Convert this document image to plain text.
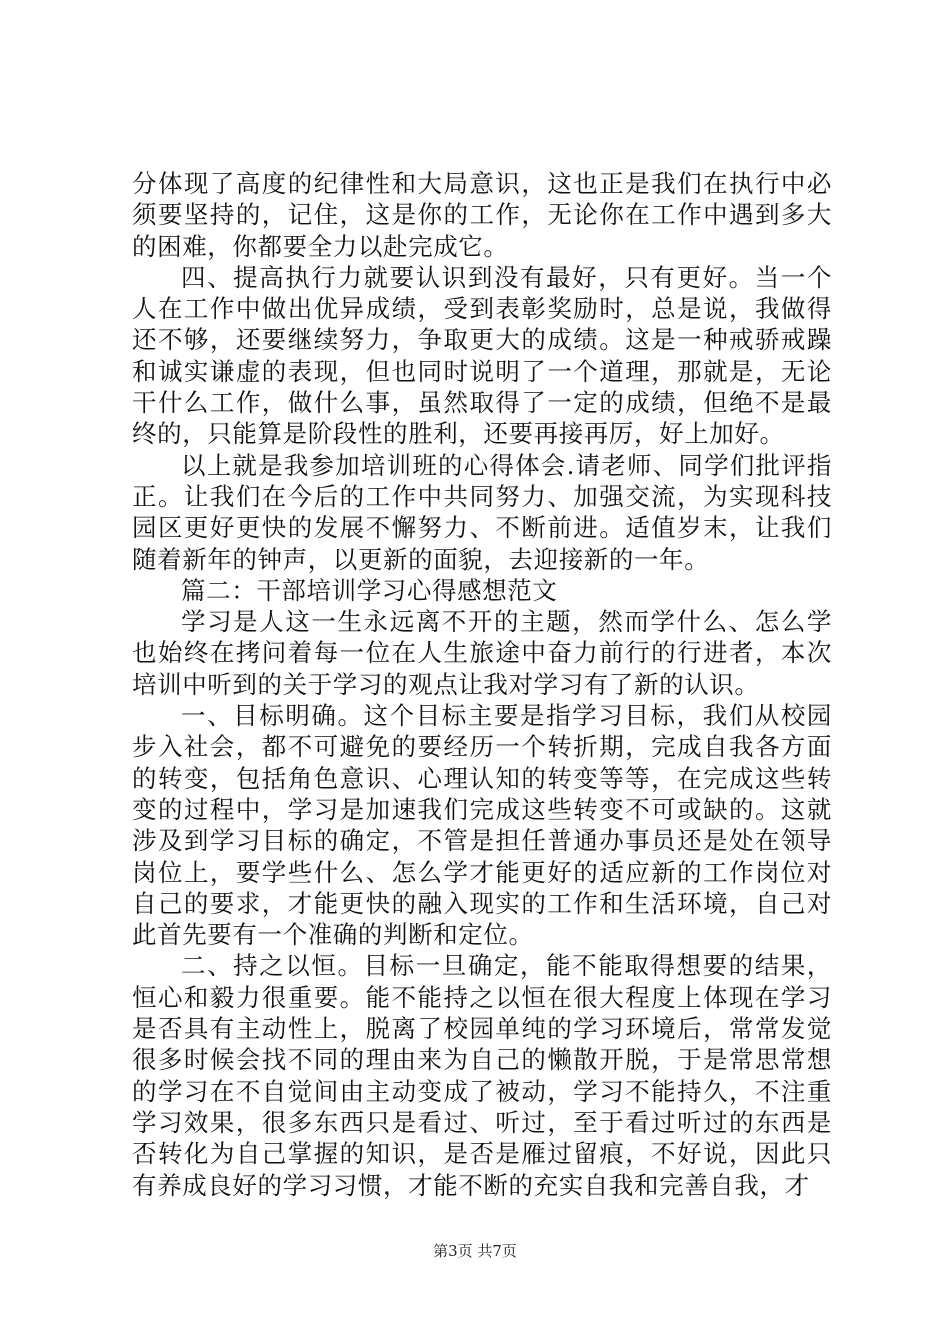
分体现了高度的纪律性和大局意识，这也正是我们在执行中必须要坚持的，记住，这是你的工作，无论你在工作中遇到多大的困难，你都要全力以赴完成它。

四、提高执行力就要认识到没有最好，只有更好。当一个人在工作中做出优异成绩，受到表彰奖励时，总是说，我做得还不够，还要继续努力，争取更大的成绩。这是一种戒骄戒躁和诚实谦虚的表现，但也同时说明了一个道理，那就是，无论干什么工作，做什么事，虽然取得了一定的成绩，但绝不是最终的，只能算是阶段性的胜利，还要再接再厉，好上加好。

以上就是我参加培训班的心得体会.请老师、同学们批评指正。让我们在今后的工作中共同努力、加强交流，为实现科技园区更好更快的发展不懈努力、不断前进。适值岁末，让我们随着新年的钟声，以更新的面貌，去迎接新的一年。

篇二：干部培训学习心得感想范文

学习是人这一生永远离不开的主题，然而学什么、怎么学也始终在拷问着每一位在人生旅途中奋力前行的行进者，本次培训中听到的关于学习的观点让我对学习有了新的认识。

一、目标明确。这个目标主要是指学习目标，我们从校园步入社会，都不可避免的要经历一个转折期，完成自我各方面的转变，包括角色意识、心理认知的转变等等，在完成这些转变的过程中，学习是加速我们完成这些转变不可或缺的。这就涉及到学习目标的确定，不管是担任普通办事员还是处在领导岗位上，要学些什么、怎么学才能更好的适应新的工作岗位对自己的要求，才能更快的融入现实的工作和生活环境，自己对此首先要有一个准确的判断和定位。

二、持之以恒。目标一旦确定，能不能取得想要的结果，恒心和毅力很重要。能不能持之以恒在很大程度上体现在学习是否具有主动性上，脱离了校园单纯的学习环境后，常常发觉很多时候会找不同的理由来为自己的懒散开脱，于是常思常想的学习在不自觉间由主动变成了被动，学习不能持久，不注重学习效果，很多东西只是看过、听过，至于看过听过的东西是否转化为自己掌握的知识，是否是雁过留痕，不好说，因此只有养成良好的学习习惯，才能不断的充实自我和完善自我，才

第3页 共7页
